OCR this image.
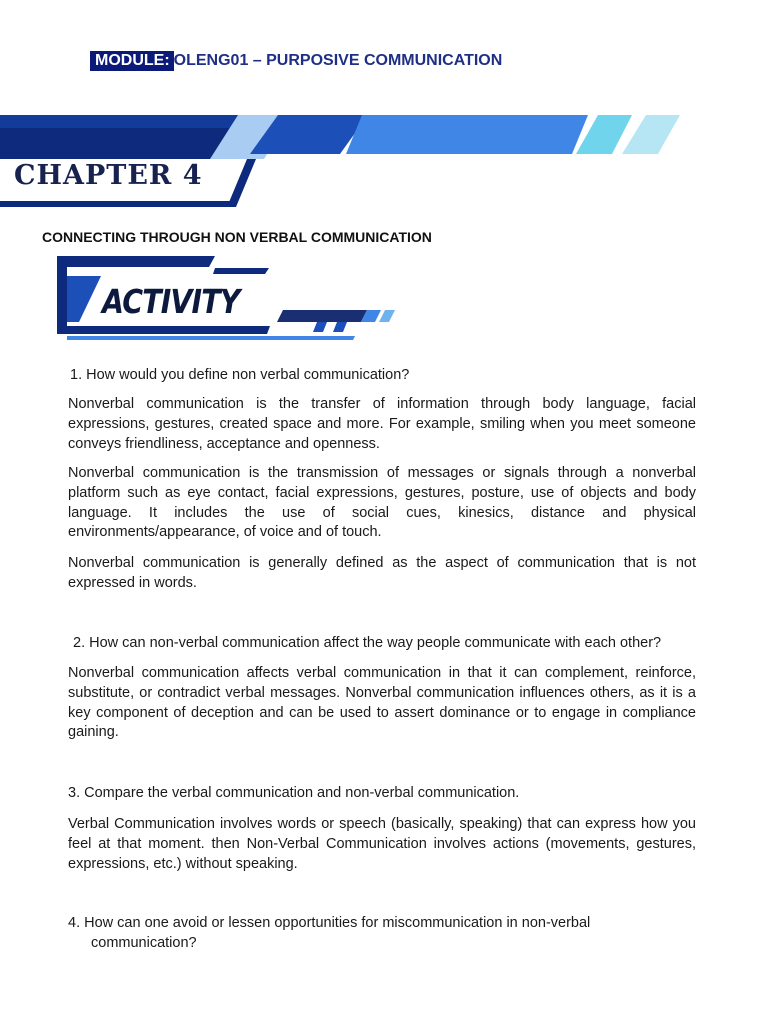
MODULE: OLENG01 – PURPOSIVE COMMUNICATION
CHAPTER 4
CONNECTING THROUGH NON VERBAL COMMUNICATION
ACTIVITY
1. How would you define non verbal communication?
Nonverbal communication is the transfer of information through body language, facial expressions, gestures, created space and more. For example, smiling when you meet someone conveys friendliness, acceptance and openness.
Nonverbal communication is the transmission of messages or signals through a nonverbal platform such as eye contact, facial expressions, gestures, posture, use of objects and body language. It includes the use of social cues, kinesics, distance and physical environments/appearance, of voice and of touch.
Nonverbal communication is generally defined as the aspect of communication that is not expressed in words.
2. How can non-verbal communication affect the way people communicate with each other?
Nonverbal communication affects verbal communication in that it can complement, reinforce, substitute, or contradict verbal messages. Nonverbal communication influences others, as it is a key component of deception and can be used to assert dominance or to engage in compliance gaining.
3. Compare the verbal communication and non-verbal communication.
Verbal Communication involves words or speech (basically, speaking) that can express how you feel at that moment. then Non-Verbal Communication involves actions (movements, gestures, expressions, etc.) without speaking.
4. How can one avoid or lessen opportunities for miscommunication in non-verbal communication?
